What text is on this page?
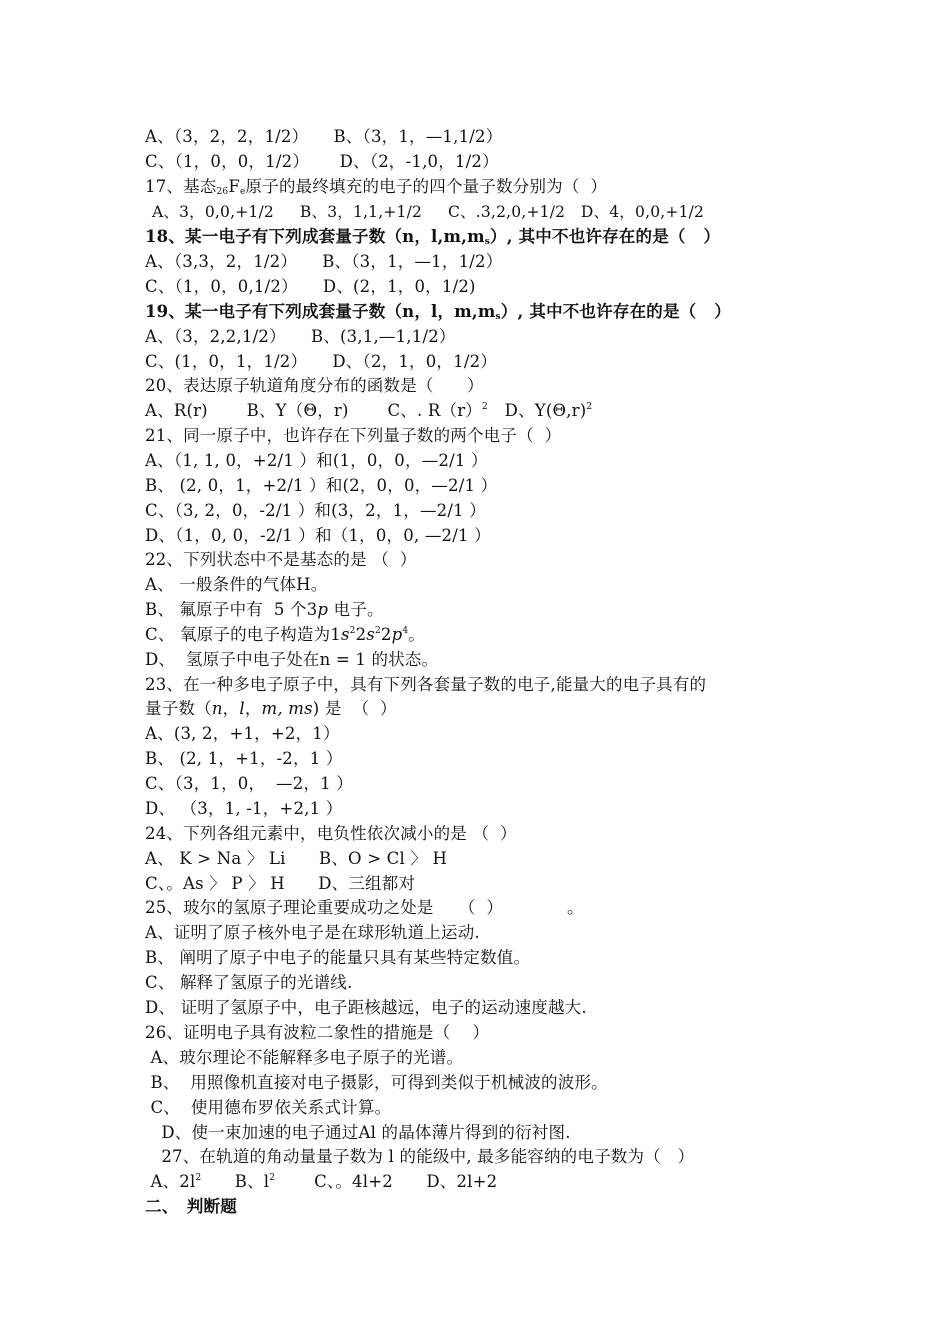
A、（3，2，2，1/2）　　B、（3，1，—1,1/2）
C、（1，0，0，1/2）　　 D、（2，-1,0，1/2）
17、基态$_{26}F_e$原子的最终填充的电子的四个量子数分别为（  ）
A、3，0,0,+1/2　  B、3，1,1,+1/2　  C、.3,2,0,+1/2　D、4，0,0,+1/2
18、某一电子有下列成套量子数（n，$l,m,m_s$）, 其中不也许存在的是（   ）
A、（3,3，2，1/2）　　B、（3，1，—1，1/2）
C、（1，0，0,1/2）　　D、(2，1，0，1/2)
19、某一电子有下列成套量子数（n，l，$m,m_s$）, 其中不也许存在的是（   ）
A、（3，2,2,1/2）　　B、(3,1,—1,1/2）
C、(1，0，1，1/2）　　D、（2，1，0，1/2）
20、表达原子轨道角度分布的函数是（　　）
A、R(r)　　 B、Y（Θ，r)　　 C、. $R(r)^2$　D、$Y(\Theta,r)^2$
21、同一原子中，也许存在下列量子数的两个电子（  ）
A、（1, 1, 0，+2/1 ）和(1，0，0，—2/1 ）
B、 (2, 0，1，+2/1 ）和(2，0，0，—2/1 ）
C、（3, 2，0，-2/1 ）和(3，2，1，—2/1 ）
D、（1，0, 0，-2/1 ）和（1，0，0, —2/1 ）
22、下列状态中不是基态的是 （  ）
A、 一般条件的气体H。
B、 氟原子中有  5 个3p 电子。
C、 氧原子的电子构造为$1s^22s^22p^4$。
D、  氢原子中电子处在n = 1 的状态。
23、在一种多电子原子中，具有下列各套量子数的电子,能量大的电子具有的
量子数（n，l，m, ms) 是  （  ）
A、(3, 2，+1，+2，1）
B、 (2, 1，+1，-2，1 ）
C、（3，1，0，  —2，1 ）
D、 （3，1, -1，+2,1 ）
24、下列各组元素中，电负性依次减小的是 （  ）
A、 K > Na 〉 Li　　B、O > Cl 〉 H
C、。As 〉 P 〉 H　　D、三组都对
25、玻尔的氢原子理论重要成功之处是　　（  ）　　　　 。
A、证明了原子核外电子是在球形轨道上运动.
B、 阐明了原子中电子的能量只具有某些特定数值。
C、 解释了氢原子的光谱线.
D、 证明了氢原子中，电子距核越远，电子的运动速度越大.
26、证明电子具有波粒二象性的措施是（　 ）
A、玻尔理论不能解释多电子原子的光谱。
B、  用照像机直接对电子摄影，可得到类似于机械波的波形。
C、  使用德布罗依关系式计算。
D、使一束加速的电子通过Al 的晶体薄片得到的衍衬图.
27、在轨道的角动量量子数为 l 的能级中, 最多能容纳的电子数为（　）
A、$2l^2$　　B、$l^2$　　 C、。4l+2　　D、2l+2
二、　判断题
